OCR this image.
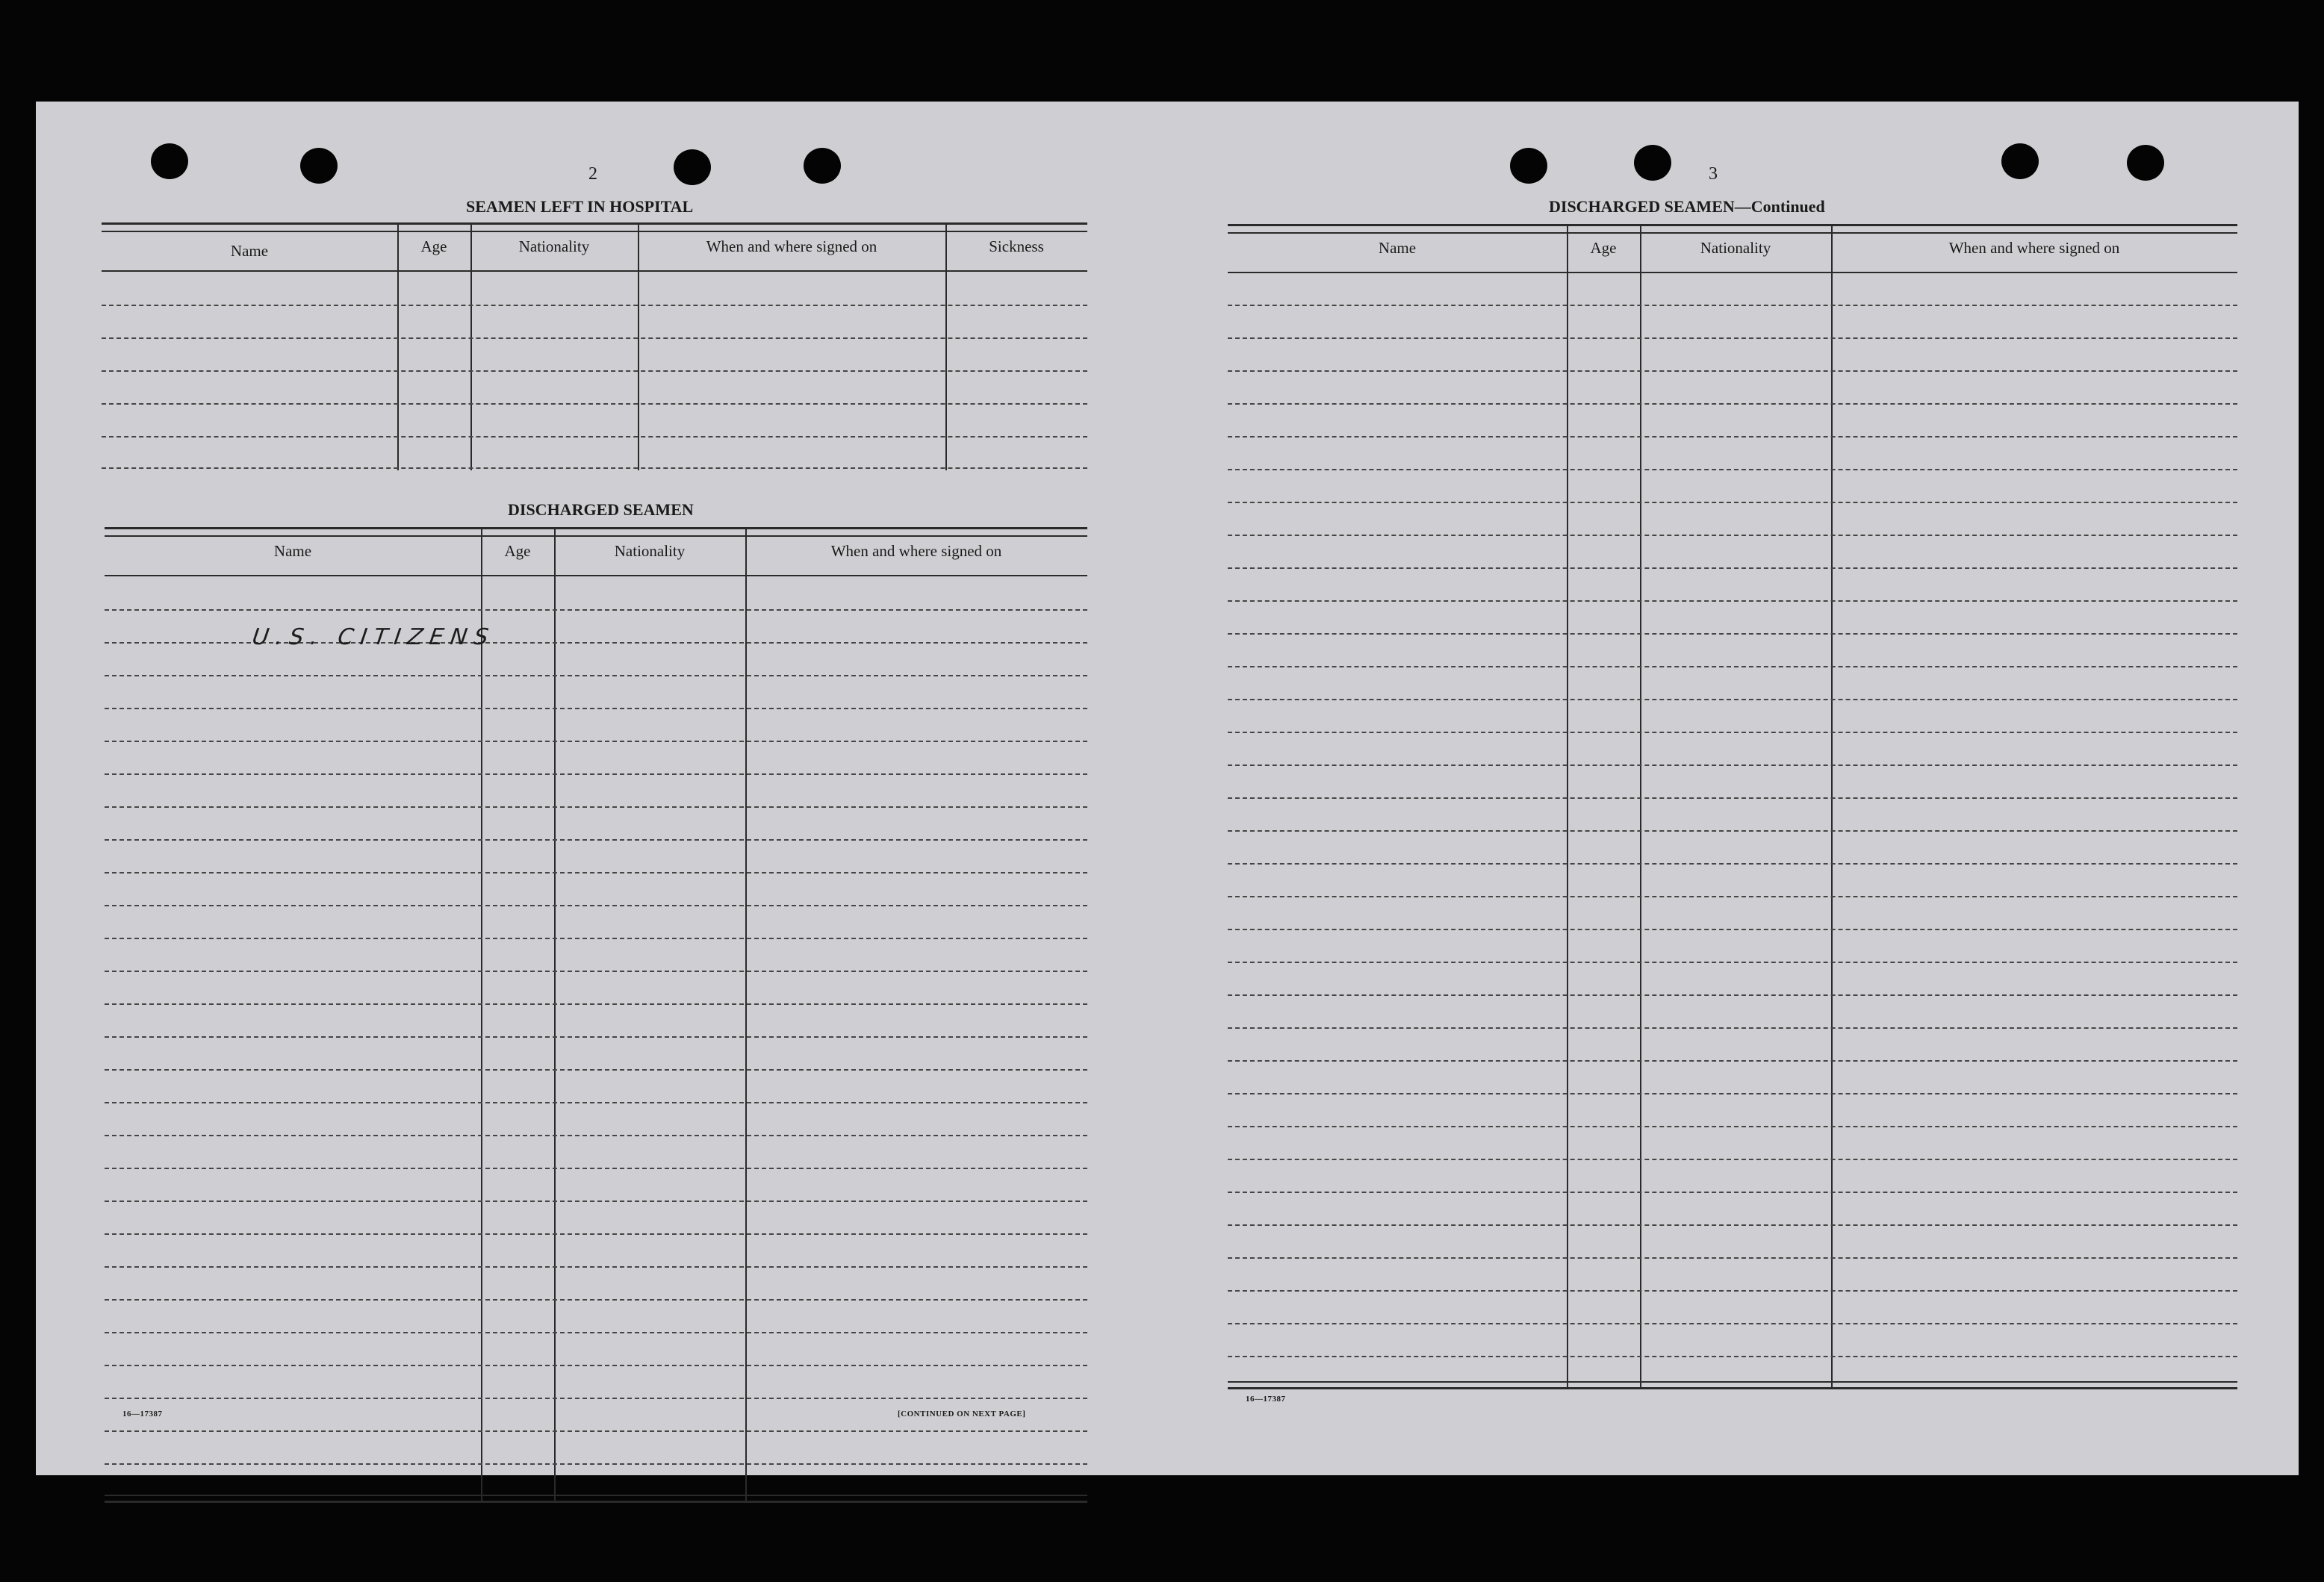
2
SEAMEN LEFT IN HOSPITAL
Name	Age	Nationality	When and where signed on	Sickness
DISCHARGED SEAMEN
Name	Age	Nationality	When and where signed on
U.S. CITIZENS
16—17387	[CONTINUED ON NEXT PAGE]
3
DISCHARGED SEAMEN—Continued
Name	Age	Nationality	When and where signed on
16—17387
